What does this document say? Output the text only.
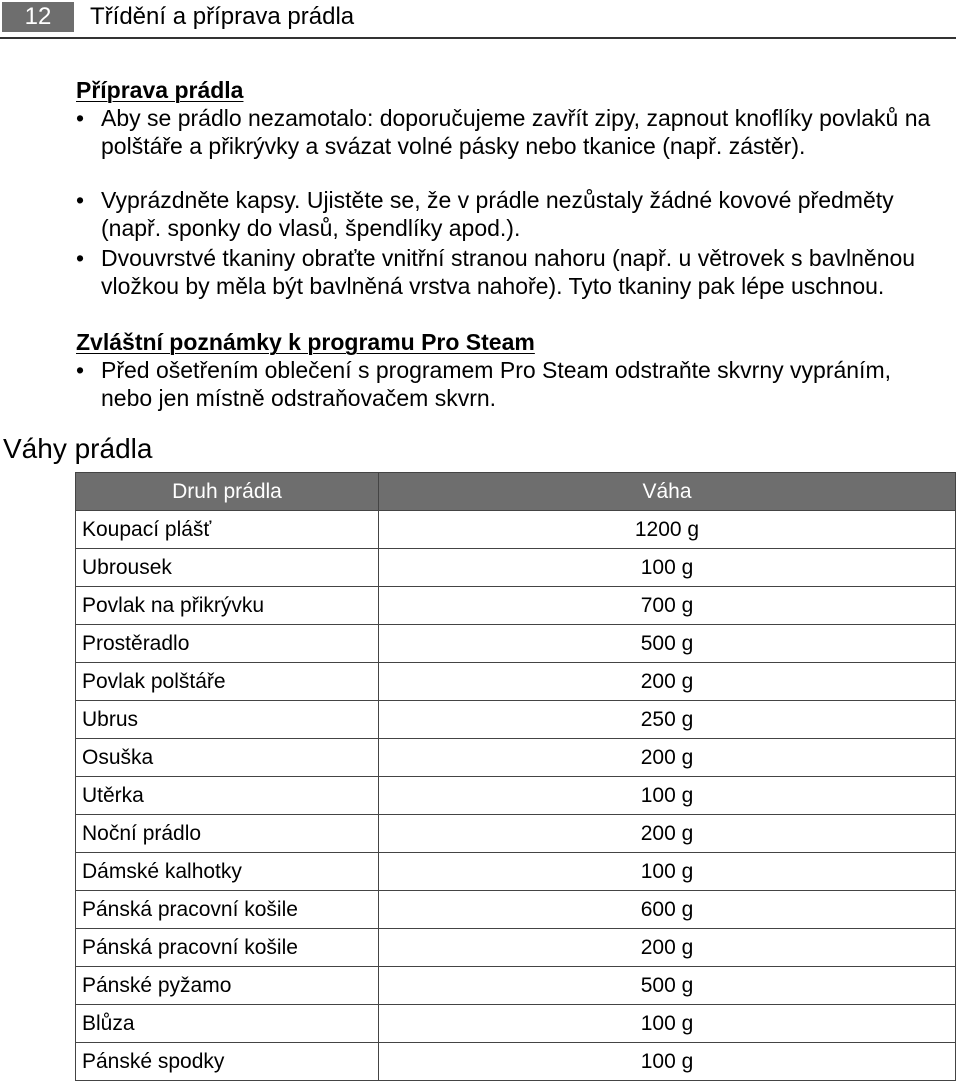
12	Třídění a příprava prádla
Příprava prádla
• Aby se prádlo nezamotalo: doporučujeme zavřít zipy, zapnout knoflíky povlaků na polštáře a přikrývky a svázat volné pásky nebo tkanice (např. zástěr).
• Vyprázdněte kapsy. Ujistěte se, že v prádle nezůstaly žádné kovové předměty (např. sponky do vlasů, špendlíky apod.).
• Dvouvrstvé tkaniny obraťte vnitřní stranou nahoru (např. u větrovek s bavlněnou vložkou by měla být bavlněná vrstva nahoře). Tyto tkaniny pak lépe uschnou.
Zvláštní poznámky k programu Pro Steam
• Před ošetřením oblečení s programem Pro Steam odstraňte skvrny vypráním, nebo jen místně odstraňovačem skvrn.
Váhy prádla
Druh prádla	Váha
Koupací plášť	1200 g
Ubrousek	100 g
Povlak na přikrývku	700 g
Prostěradlo	500 g
Povlak polštáře	200 g
Ubrus	250 g
Osuška	200 g
Utěrka	100 g
Noční prádlo	200 g
Dámské kalhotky	100 g
Pánská pracovní košile	600 g
Pánská pracovní košile	200 g
Pánské pyžamo	500 g
Blůza	100 g
Pánské spodky	100 g
